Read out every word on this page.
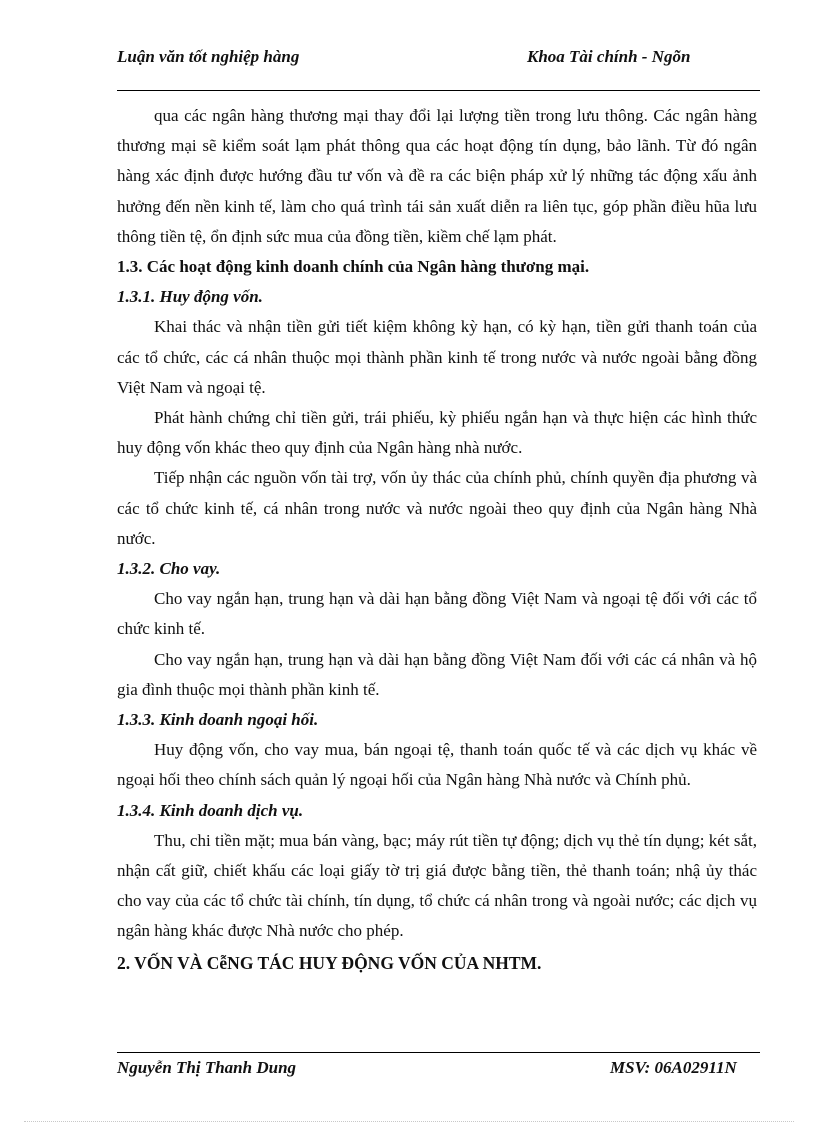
Luận văn tốt nghiệp hàng	Khoa Tài chính - Ngõn

qua các ngân hàng thương mại thay đổi lại lượng tiền trong lưu thông. Các ngân hàng thương mại sẽ kiểm soát lạm phát thông qua các hoạt động tín dụng, bảo lãnh. Từ đó ngân hàng xác định được hướng đầu tư vốn và đề ra các biện pháp xử lý những tác động xấu ảnh hưởng đến nền kinh tế, làm cho quá trình tái sản xuất diễn ra liên tục, góp phần điều hũa lưu thông tiền tệ, ổn định sức mua của đồng tiền, kiềm chế lạm phát.

1.3. Các hoạt động kinh doanh chính của Ngân hàng thương mại.
1.3.1. Huy động vốn.

Khai thác và nhận tiền gửi tiết kiệm không kỳ hạn, có kỳ hạn, tiền gửi thanh toán của các tổ chức, các cá nhân thuộc mọi thành phần kinh tế trong nước và nước ngoài bằng đồng Việt Nam và ngoại tệ.

Phát hành chứng chỉ tiền gửi, trái phiếu, kỳ phiếu ngắn hạn và thực hiện các hình thức huy động vốn khác theo quy định của Ngân hàng nhà nước.

Tiếp nhận các nguồn vốn tài trợ, vốn ủy thác của chính phủ, chính quyền địa phương và các tổ chức kinh tế, cá nhân trong nước và nước ngoài theo quy định của Ngân hàng Nhà nước.

1.3.2. Cho vay.

Cho vay ngắn hạn, trung hạn và dài hạn bằng đồng Việt Nam và ngoại tệ đối với các tổ chức kinh tế.

Cho vay ngắn hạn, trung hạn và dài hạn bằng đồng Việt Nam đối với các cá nhân và hộ gia đình thuộc mọi thành phần kinh tế.

1.3.3. Kinh doanh ngoại hối.

Huy động vốn, cho vay mua, bán ngoại tệ, thanh toán quốc tế và các dịch vụ khác về ngoại hối theo chính sách quản lý ngoại hối của Ngân hàng Nhà nước và Chính phủ.

1.3.4. Kinh doanh dịch vụ.

Thu, chi tiền mặt; mua bán vàng, bạc; máy rút tiền tự động; dịch vụ thẻ tín dụng; két sắt, nhận cất giữ, chiết khấu các loại giấy tờ trị giá được bằng tiền, thẻ thanh toán; nhậ ủy thác cho vay của các tổ chức tài chính, tín dụng, tổ chức cá nhân trong và ngoài nước; các dịch vụ ngân hàng khác được Nhà nước cho phép.

2. VỐN VÀ CễNG TÁC HUY ĐỘNG VỐN CỦA NHTM.
Nguyễn Thị Thanh Dung	MSV: 06A02911N
